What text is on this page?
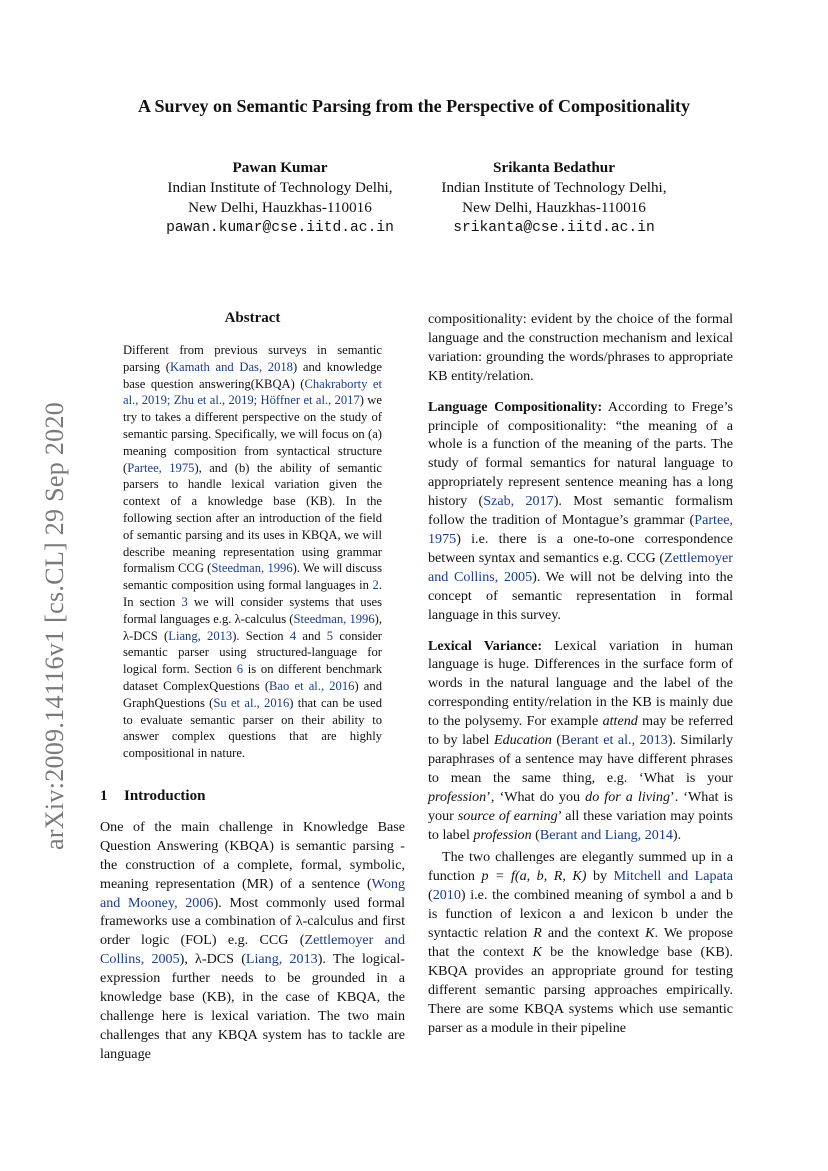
A Survey on Semantic Parsing from the Perspective of Compositionality
Pawan Kumar
Indian Institute of Technology Delhi,
New Delhi, Hauzkhas-110016
pawan.kumar@cse.iitd.ac.in
Srikanta Bedathur
Indian Institute of Technology Delhi,
New Delhi, Hauzkhas-110016
srikanta@cse.iitd.ac.in
arXiv:2009.14116v1 [cs.CL] 29 Sep 2020
Abstract

Different from previous surveys in semantic parsing (Kamath and Das, 2018) and knowledge base question answering(KBQA) (Chakraborty et al., 2019; Zhu et al., 2019; Höffner et al., 2017) we try to takes a different perspective on the study of semantic parsing. Specifically, we will focus on (a) meaning composition from syntactical structure (Partee, 1975), and (b) the ability of semantic parsers to handle lexical variation given the context of a knowledge base (KB). In the following section after an introduction of the field of semantic parsing and its uses in KBQA, we will describe meaning representation using grammar formalism CCG (Steedman, 1996). We will discuss semantic composition using formal languages in 2. In section 3 we will consider systems that uses formal languages e.g. λ-calculus (Steedman, 1996), λ-DCS (Liang, 2013). Section 4 and 5 consider semantic parser using structured-language for logical form. Section 6 is on different benchmark dataset ComplexQuestions (Bao et al., 2016) and GraphQuestions (Su et al., 2016) that can be used to evaluate semantic parser on their ability to answer complex questions that are highly compositional in nature.

1 Introduction

One of the main challenge in Knowledge Base Question Answering (KBQA) is semantic parsing - the construction of a complete, formal, symbolic, meaning representation (MR) of a sentence (Wong and Mooney, 2006). Most commonly used formal frameworks use a combination of λ-calculus and first order logic (FOL) e.g. CCG (Zettlemoyer and Collins, 2005), λ-DCS (Liang, 2013). The logical-expression further needs to be grounded in a knowledge base (KB), in the case of KBQA, the challenge here is lexical variation. The two main challenges that any KBQA system has to tackle are language

compositionality: evident by the choice of the formal language and the construction mechanism and lexical variation: grounding the words/phrases to appropriate KB entity/relation.

Language Compositionality: According to Frege’s principle of compositionality: “the meaning of a whole is a function of the meaning of the parts. The study of formal semantics for natural language to appropriately represent sentence meaning has a long history (Szab, 2017). Most semantic formalism follow the tradition of Montague’s grammar (Partee, 1975) i.e. there is a one-to-one correspondence between syntax and semantics e.g. CCG (Zettlemoyer and Collins, 2005). We will not be delving into the concept of semantic representation in formal language in this survey.

Lexical Variance: Lexical variation in human language is huge. Differences in the surface form of words in the natural language and the label of the corresponding entity/relation in the KB is mainly due to the polysemy. For example attend may be referred to by label Education (Berant et al., 2013). Similarly paraphrases of a sentence may have different phrases to mean the same thing, e.g. ‘What is your profession’, ‘What do you do for a living’. ‘What is your source of earning’ all these variation may points to label profession (Berant and Liang, 2014).

The two challenges are elegantly summed up in a function p = f(a, b, R, K) by Mitchell and Lapata (2010) i.e. the combined meaning of symbol a and b is function of lexicon a and lexicon b under the syntactic relation R and the context K. We propose that the context K be the knowledge base (KB). KBQA provides an appropriate ground for testing different semantic parsing approaches empirically. There are some KBQA systems which use semantic parser as a module in their pipeline
